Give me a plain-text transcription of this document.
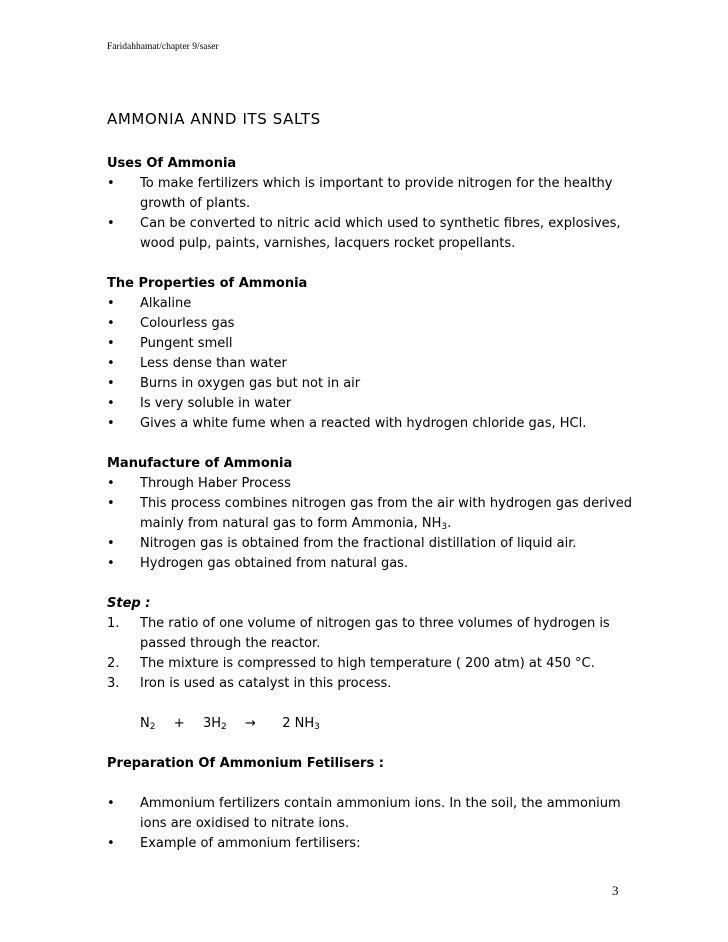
Faridahhamat/chapter 9/saser
AMMONIA ANND ITS SALTS
Uses Of Ammonia
•	To make fertilizers which is important to provide nitrogen for the healthy growth of plants.
•	Can be converted to nitric acid which used to synthetic fibres, explosives, wood pulp, paints, varnishes, lacquers rocket propellants.
The Properties of Ammonia
•	Alkaline
•	Colourless gas
•	Pungent smell
•	Less dense than water
•	Burns in oxygen gas but not in air
•	Is very soluble in water
•	Gives a white fume when a reacted with hydrogen chloride gas, HCl.
Manufacture of Ammonia
•	Through Haber Process
•	This process combines nitrogen gas from the air with hydrogen gas derived mainly from natural gas to form Ammonia, $NH_3$.
•	Nitrogen gas is obtained from the fractional distillation of liquid air.
•	Hydrogen gas obtained from natural gas.
Step :
1.	The ratio of one volume of nitrogen gas to three volumes of hydrogen is passed through the reactor.
2.	The mixture is compressed to high temperature ( 200 atm) at 450 °C.
3.	Iron is used as catalyst in this process.
$N_2 + 3H_2 \to 2$ $NH_3$
Preparation Of Ammonium Fetilisers :
•	Ammonium fertilizers contain ammonium ions. In the soil, the ammonium ions are oxidised to nitrate ions.
•	Example of ammonium fertilisers:
3
